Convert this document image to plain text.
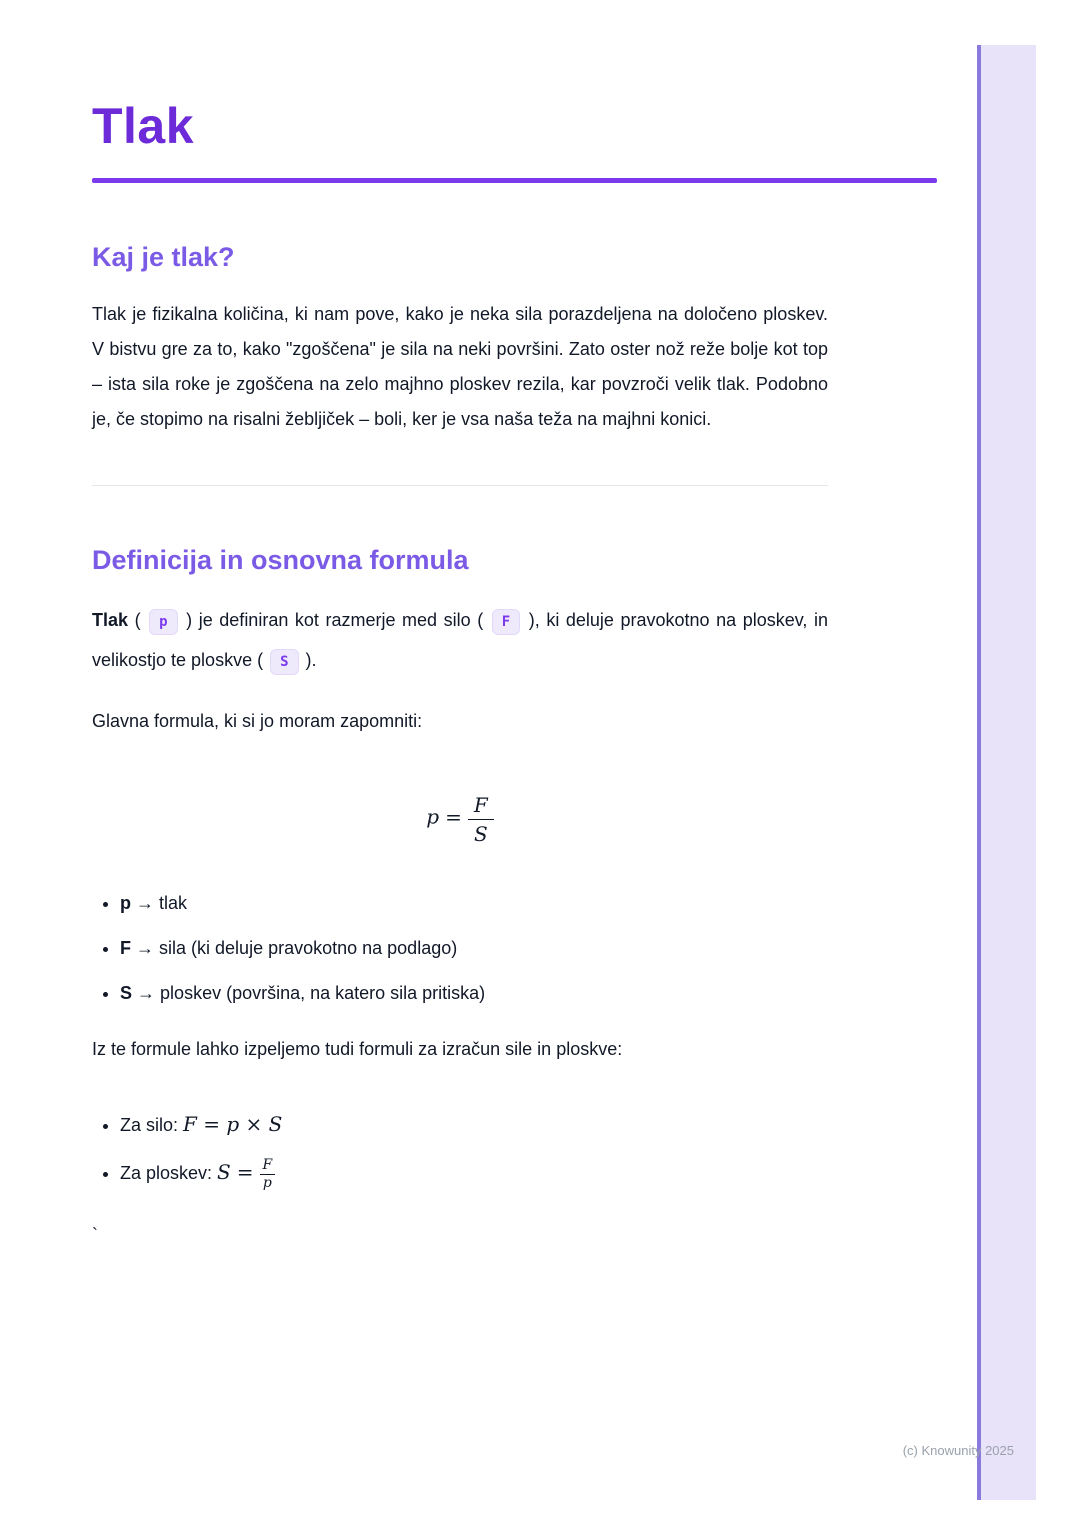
Tlak
Kaj je tlak?

Tlak je fizikalna količina, ki nam pove, kako je neka sila porazdeljena na določeno ploskev. V bistvu gre za to, kako "zgoščena" je sila na neki površini. Zato oster nož reže bolje kot top – ista sila roke je zgoščena na zelo majhno ploskev rezila, kar povzroči velik tlak. Podobno je, če stopimo na risalni žebljiček – boli, ker je vsa naša teža na majhni konici.

Definicija in osnovna formula

Tlak ( p ) je definiran kot razmerje med silo ( F ), ki deluje pravokotno na ploskev, in velikostjo te ploskve ( S ).

Glavna formula, ki si jo moram zapomniti:

$p = \frac{F}{S}$
• p → tlak
• F → sila (ki deluje pravokotno na podlago)
• S → ploskev (površina, na katero sila pritiska)

Iz te formule lahko izpeljemo tudi formuli za izračun sile in ploskve:

• Za silo: F = p × S
• Za ploskev: $S = \frac{F}{p}$

`

(c) Knowunity 2025
